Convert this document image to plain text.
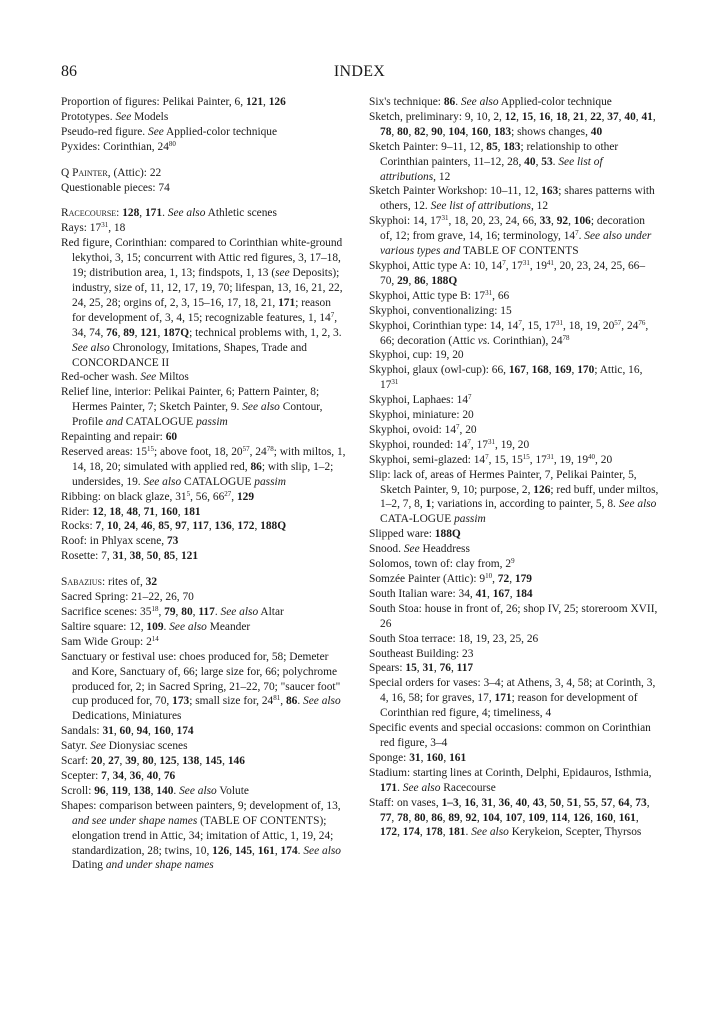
86	INDEX
Proportion of figures: Pelikai Painter, 6, 121, 126
Prototypes. See Models
Pseudo-red figure. See Applied-color technique
Pyxides: Corinthian, $24^{80}$
Q Painter, (Attic): 22
Questionable pieces: 74
Racecourse: 128, 171. See also Athletic scenes
Rays: $17^{31}$, 18
Red figure, Corinthian: compared to Corinthian white-ground lekythoi, 3, 15; concurrent with Attic red figures, 3, 17–18, 19; distribution area, 1, 13; findspots, 1, 13 (see Deposits); industry, size of, 11, 12, 17, 19, 70; lifespan, 13, 16, 21, 22, 24, 25, 28; orgins of, 2, 3, 15–16, 17, 18, 21, 171; reason for development of, 3, 4, 15; recognizable features, 1, $14^7$, 34, 74, 76, 89, 121, 187Q; technical problems with, 1, 2, 3. See also Chronology, Imitations, Shapes, Trade and CONCORDANCE II
Red-ocher wash. See Miltos
Relief line, interior: Pelikai Painter, 6; Pattern Painter, 8; Hermes Painter, 7; Sketch Painter, 9. See also Contour, Profile and CATALOGUE passim
Repainting and repair: 60
Reserved areas: $15^{15}$; above foot, 18, $20^{57}$, $24^{78}$; with miltos, 1, 14, 18, 20; simulated with applied red, 86; with slip, 1–2; undersides, 19. See also CATALOGUE passim
Ribbing: on black glaze, $31^5$, 56, $66^{27}$, 129
Rider: 12, 18, 48, 71, 160, 181
Rocks: 7, 10, 24, 46, 85, 97, 117, 136, 172, 188Q
Roof: in Phlyax scene, 73
Rosette: 7, 31, 38, 50, 85, 121
Sabazius: rites of, 32
Sacred Spring: 21–22, 26, 70
Sacrifice scenes: $35^{18}$, 79, 80, 117. See also Altar
Saltire square: 12, 109. See also Meander
Sam Wide Group: $2^{14}$
Sanctuary or festival use: choes produced for, 58; Demeter and Kore, Sanctuary of, 66; large size for, 66; polychrome produced for, 2; in Sacred Spring, 21–22, 70; "saucer foot" cup produced for, 70, 173; small size for, $24^{81}$, 86. See also Dedications, Miniatures
Sandals: 31, 60, 94, 160, 174
Satyr. See Dionysiac scenes
Scarf: 20, 27, 39, 80, 125, 138, 145, 146
Scepter: 7, 34, 36, 40, 76
Scroll: 96, 119, 138, 140. See also Volute
Shapes: comparison between painters, 9; development of, 13, and see under shape names (TABLE OF CONTENTS); elongation trend in Attic, 34; imitation of Attic, 1, 19, 24; standardization, 28; twins, 10, 126, 145, 161, 174. See also Dating and under shape names
Six's technique: 86. See also Applied-color technique
Sketch, preliminary: 9, 10, 2, 12, 15, 16, 18, 21, 22, 37, 40, 41, 78, 80, 82, 90, 104, 160, 183; shows changes, 40
Sketch Painter: 9–11, 12, 85, 183; relationship to other Corinthian painters, 11–12, 28, 40, 53. See list of attributions, 12
Sketch Painter Workshop: 10–11, 12, 163; shares patterns with others, 12. See list of attributions, 12
Skyphoi: 14, $17^{31}$, 18, 20, 23, 24, 66, 33, 92, 106; decoration of, 12; from grave, 14, 16; terminology, $14^7$. See also under various types and TABLE OF CONTENTS
Skyphoi, Attic type A: 10, $14^7$, $17^{31}$, $19^{41}$, 20, 23, 24, 25, 66–70, 29, 86, 188Q
Skyphoi, Attic type B: $17^{31}$, 66
Skyphoi, conventionalizing: 15
Skyphoi, Corinthian type: 14, $14^7$, 15, $17^{31}$, 18, 19, $20^{57}$, $24^{76}$, 66; decoration (Attic vs. Corinthian), $24^{78}$
Skyphoi, cup: 19, 20
Skyphoi, glaux (owl-cup): 66, 167, 168, 169, 170; Attic, 16, $17^{31}$
Skyphoi, Laphaes: $14^7$
Skyphoi, miniature: 20
Skyphoi, ovoid: $14^7$, 20
Skyphoi, rounded: $14^7$, $17^{31}$, 19, 20
Skyphoi, semi-glazed: $14^7$, 15, $15^{15}$, $17^{31}$, 19, $19^{40}$, 20
Slip: lack of, areas of Hermes Painter, 7, Pelikai Painter, 5, Sketch Painter, 9, 10; purpose, 2, 126; red buff, under miltos, 1–2, 7, 8, 1; variations in, according to painter, 5, 8. See also CATA-LOGUE passim
Slipped ware: 188Q
Snood. See Headdress
Solomos, town of: clay from, $2^9$
Somzée Painter (Attic): $9^{10}$, 72, 179
South Italian ware: 34, 41, 167, 184
South Stoa: house in front of, 26; shop IV, 25; storeroom XVII, 26
South Stoa terrace: 18, 19, 23, 25, 26
Southeast Building: 23
Spears: 15, 31, 76, 117
Special orders for vases: 3–4; at Athens, 3, 4, 58; at Corinth, 3, 4, 16, 58; for graves, 17, 171; reason for development of Corinthian red figure, 4; timeliness, 4
Specific events and special occasions: common on Corinthian red figure, 3–4
Sponge: 31, 160, 161
Stadium: starting lines at Corinth, Delphi, Epidauros, Isthmia, 171. See also Racecourse
Staff: on vases, 1–3, 16, 31, 36, 40, 43, 50, 51, 55, 57, 64, 73, 77, 78, 80, 86, 89, 92, 104, 107, 109, 114, 126, 160, 161, 172, 174, 178, 181. See also Kerykeion, Scepter, Thyrsos
